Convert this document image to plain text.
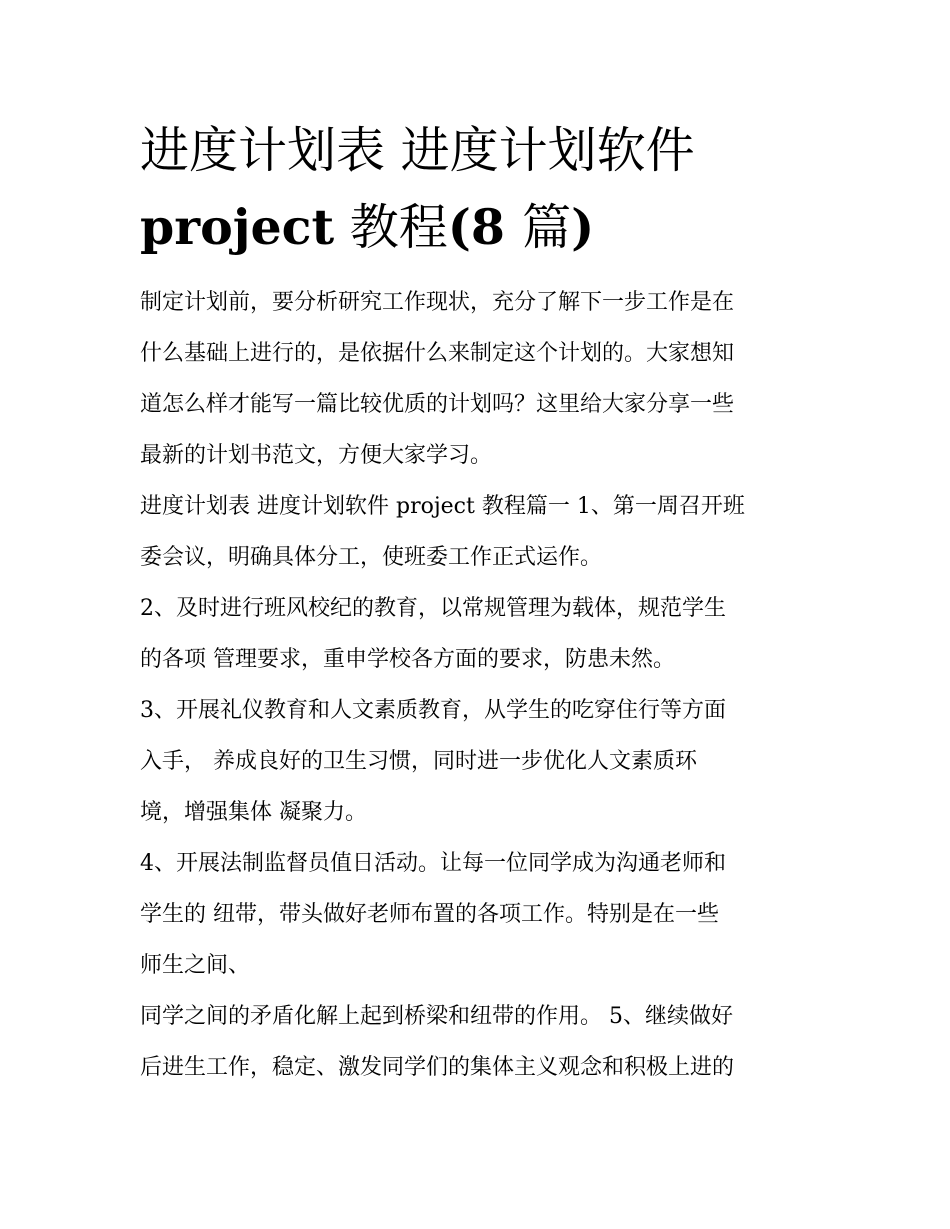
进度计划表 进度计划软件
project 教程(8 篇)
制定计划前，要分析研究工作现状，充分了解下一步工作是在
什么基础上进行的，是依据什么来制定这个计划的。大家想知
道怎么样才能写一篇比较优质的计划吗？这里给大家分享一些
最新的计划书范文，方便大家学习。
进度计划表 进度计划软件 project 教程篇一 1、第一周召开班
委会议，明确具体分工，使班委工作正式运作。
2、及时进行班风校纪的教育，以常规管理为载体，规范学生
的各项 管理要求，重申学校各方面的要求，防患未然。
3、开展礼仪教育和人文素质教育，从学生的吃穿住行等方面
入手， 养成良好的卫生习惯，同时进一步优化人文素质环
境，增强集体 凝聚力。
4、开展法制监督员值日活动。让每一位同学成为沟通老师和
学生的 纽带，带头做好老师布置的各项工作。特别是在一些
师生之间、
同学之间的矛盾化解上起到桥梁和纽带的作用。 5、继续做好
后进生工作，稳定、激发同学们的集体主义观念和积极上进的
